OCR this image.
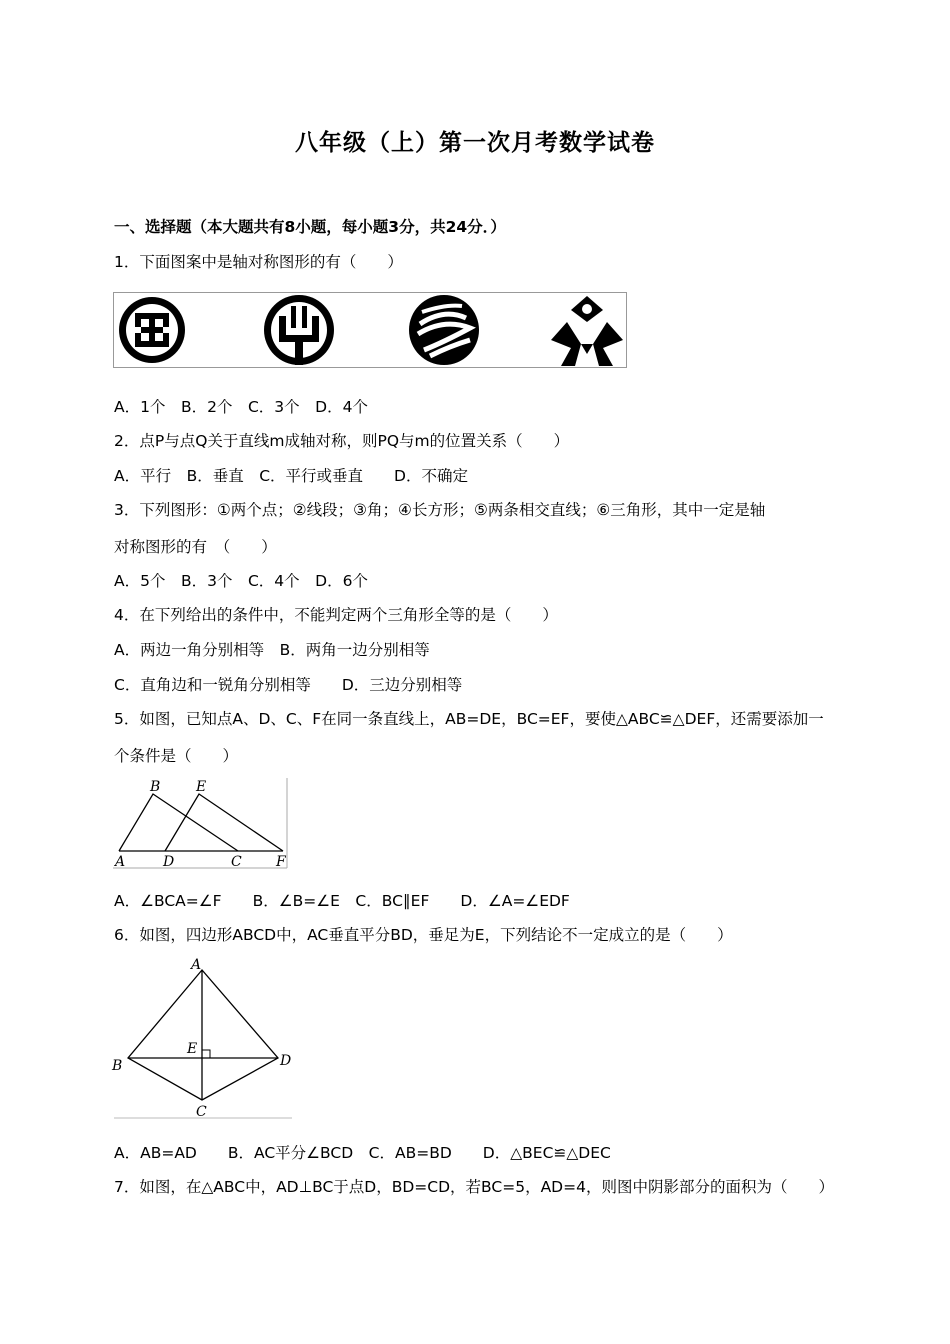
八年级（上）第一次月考数学试卷
一、选择题（本大题共有8小题，每小题3分，共24分．）
1．下面图案中是轴对称图形的有（　　）
A．1个　B．2个　C．3个　D．4个
2．点P与点Q关于直线m成轴对称，则PQ与m的位置关系（　　）
A．平行　B．垂直　C．平行或垂直　　D．不确定
3．下列图形：①两个点；②线段；③角；④长方形；⑤两条相交直线；⑥三角形，其中一定是轴
对称图形的有　（　　）
A．5个　B．3个　C．4个　D．6个
4．在下列给出的条件中，不能判定两个三角形全等的是（　　）
A．两边一角分别相等　B．两角一边分别相等
C．直角边和一锐角分别相等　　D．三边分别相等
5．如图，已知点A、D、C、F在同一条直线上，AB=DE，BC=EF，要使△ABC≌△DEF，还需要添加一
个条件是（　　）
B	E
A	D	C F
A．∠BCA=∠F　　B．∠B=∠E　C．BC∥EF　　D．∠A=∠EDF
6．如图，四边形ABCD中，AC垂直平分BD，垂足为E，下列结论不一定成立的是（　　）
A
B
E
D
C
A．AB=AD　　B．AC平分∠BCD　C．AB=BD　　D．△BEC≌△DEC
7．如图，在△ABC中，AD⊥BC于点D，BD=CD，若BC=5，AD=4，则图中阴影部分的面积为（　　）
